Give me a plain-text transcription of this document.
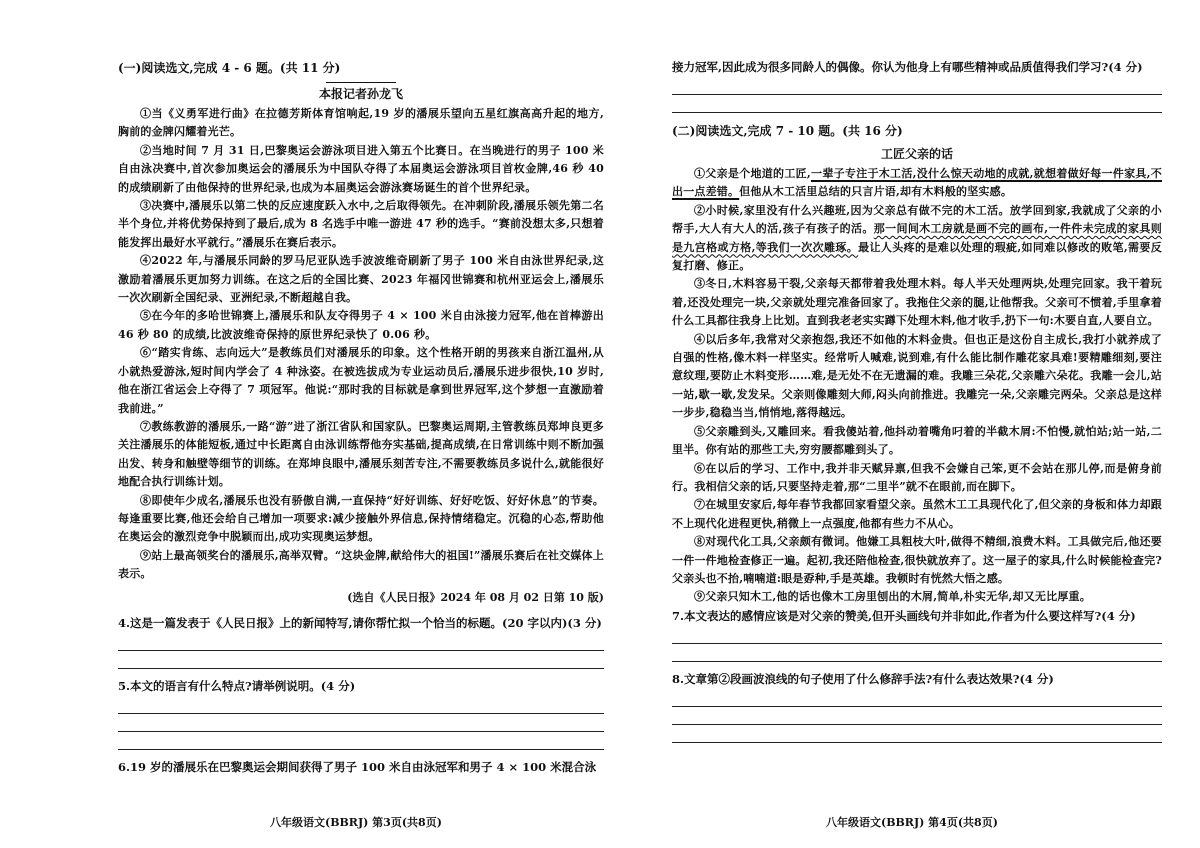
(一)阅读选文,完成 4 - 6 题。(共 11 分)

本报记者孙龙飞

①当《义勇军进行曲》在拉德芳斯体育馆响起,19 岁的潘展乐望向五星红旗高高升起的地方,胸前的金牌闪耀着光芒。

②当地时间 7 月 31 日,巴黎奥运会游泳项目进入第五个比赛日。在当晚进行的男子 100 米自由泳决赛中,首次参加奥运会的潘展乐为中国队夺得了本届奥运会游泳项目首枚金牌,46 秒 40 的成绩刷新了由他保持的世界纪录,也成为本届奥运会游泳赛场诞生的首个世界纪录。

③决赛中,潘展乐以第二快的反应速度跃入水中,之后取得领先。在冲刺阶段,潘展乐领先第二名半个身位,并将优势保持到了最后,成为 8 名选手中唯一游进 47 秒的选手。“赛前没想太多,只想着能发挥出最好水平就行。”潘展乐在赛后表示。

④2022 年,与潘展乐同龄的罗马尼亚队选手波波维奇刷新了男子 100 米自由泳世界纪录,这激励着潘展乐更加努力训练。在这之后的全国比赛、2023 年福冈世锦赛和杭州亚运会上,潘展乐一次次刷新全国纪录、亚洲纪录,不断超越自我。

⑤在今年的多哈世锦赛上,潘展乐和队友夺得男子 4 × 100 米自由泳接力冠军,他在首棒游出 46 秒 80 的成绩,比波波维奇保持的原世界纪录快了 0.06 秒。

⑥“踏实肯练、志向远大”是教练员们对潘展乐的印象。这个性格开朗的男孩来自浙江温州,从小就热爱游泳,短时间内学会了 4 种泳姿。在被选拔成为专业运动员后,潘展乐进步很快,10 岁时,他在浙江省运会上夺得了 7 项冠军。他说:“那时我的目标就是拿到世界冠军,这个梦想一直激励着我前进。”

⑦教练教游的潘展乐,一路“游”进了浙江省队和国家队。巴黎奥运周期,主管教练员郑坤良更多关注潘展乐的体能短板,通过中长距离自由泳训练帮他夯实基础,提高成绩,在日常训练中则不断加强出发、转身和触壁等细节的训练。在郑坤良眼中,潘展乐刻苦专注,不需要教练员多说什么,就能很好地配合执行训练计划。

⑧即使年少成名,潘展乐也没有骄傲自满,一直保持“好好训练、好好吃饭、好好休息”的节奏。每逢重要比赛,他还会给自己增加一项要求:减少接触外界信息,保持情绪稳定。沉稳的心态,帮助他在奥运会的激烈竞争中脱颖而出,成功实现奥运梦想。

⑨站上最高领奖台的潘展乐,高举双臂。“这块金牌,献给伟大的祖国!”潘展乐赛后在社交媒体上表示。

(选自《人民日报》2024 年 08 月 02 日第 10 版)

4.这是一篇发表于《人民日报》上的新闻特写,请你帮忙拟一个恰当的标题。(20 字以内)(3 分)

5.本文的语言有什么特点?请举例说明。(4 分)

6.19 岁的潘展乐在巴黎奥运会期间获得了男子 100 米自由泳冠军和男子 4 × 100 米混合泳

八年级语文(BBRJ) 第3页(共8页)

接力冠军,因此成为很多同龄人的偶像。你认为他身上有哪些精神或品质值得我们学习?(4 分)

(二)阅读选文,完成 7 - 10 题。(共 16 分)

工匠父亲的话

①父亲是个地道的工匠,一辈子专注于木工活,没什么惊天动地的成就,就想着做好每一件家具,不出一点差错。但他从木工活里总结的只言片语,却有木料般的坚实感。

②小时候,家里没有什么兴趣班,因为父亲总有做不完的木工活。放学回到家,我就成了父亲的小帮手,大人有大人的活,孩子有孩子的活。那一间间木工房就是画不完的画布,一件件未完成的家具则是九宫格或方格,等我们一次次雕琢。最让人头疼的是难以处理的瑕疵,如同难以修改的败笔,需要反复打磨、修正。

③冬日,木料容易干裂,父亲每天都带着我处理木料。每人半天处理两块,处理完回家。我干着玩着,还没处理完一块,父亲就处理完准备回家了。我拖住父亲的腿,让他帮我。父亲可不惯着,手里拿着什么工具都往我身上比划。直到我老老实实蹲下处理木料,他才收手,扔下一句:木要自直,人要自立。

④以后多年,我常对父亲抱怨,我还不如他的木料金贵。但也正是这份自主成长,我打小就养成了自强的性格,像木料一样坚实。经常听人喊难,说到难,有什么能比制作雕花家具难!要精雕细刻,要注意纹理,要防止木料变形……难,是无处不在无遗漏的难。我雕三朵花,父亲雕六朵花。我雕一会儿,站一站,歇一歇,发发呆。父亲则像雕刻大师,闷头向前推进。我雕完一朵,父亲雕完两朵。父亲总是这样一步步,稳稳当当,悄悄地,落得越远。

⑤父亲雕到头,又雕回来。看我傻站着,他抖动着嘴角叼着的半截木屑:不怕慢,就怕站;站一站,二里半。你有站的那些工夫,穷穷腰都雕到头了。

⑥在以后的学习、工作中,我并非天赋异禀,但我不会嫌自己笨,更不会站在那儿停,而是俯身前行。我相信父亲的话,只要坚持走着,那“二里半”就不在眼前,而在脚下。

⑦在城里安家后,每年春节我都回家看望父亲。虽然木工工具现代化了,但父亲的身板和体力却跟不上现代化进程更快,稍微上一点强度,他都有些力不从心。

⑧对现代化工具,父亲颇有微词。他嫌工具粗枝大叶,做得不精细,浪费木料。工具做完后,他还要一件一件地检查修正一遍。起初,我还陪他检查,很快就放弃了。这一屋子的家具,什么时候能检查完?父亲头也不抬,喃喃道:眼是孬种,手是英雄。我顿时有恍然大悟之感。

⑨父亲只知木工,他的话也像木工房里刨出的木屑,简单,朴实无华,却又无比厚重。

7.本文表达的感情应该是对父亲的赞美,但开头画线句并非如此,作者为什么要这样写?(4 分)

8.文章第②段画波浪线的句子使用了什么修辞手法?有什么表达效果?(4 分)

八年级语文(BBRJ) 第4页(共8页)
